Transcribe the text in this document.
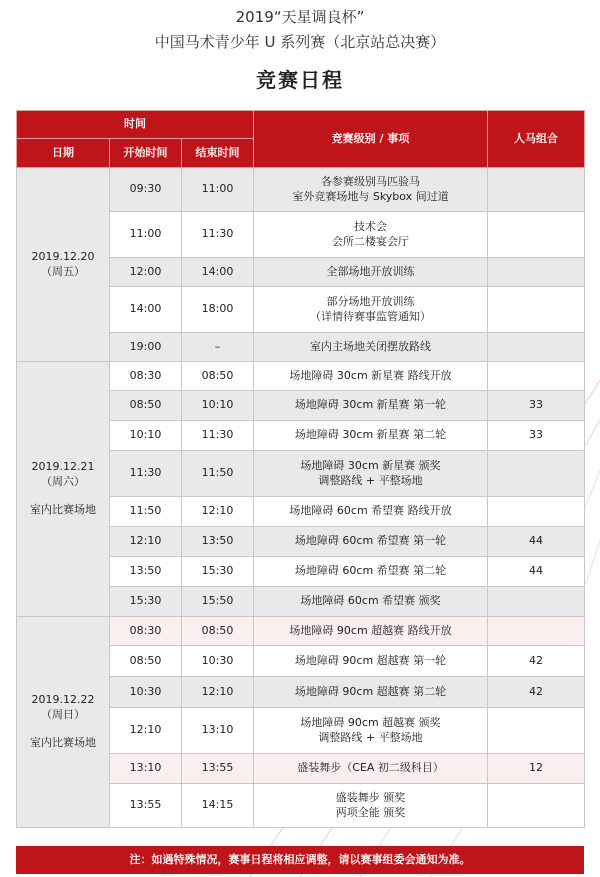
2019“天星调良杯”
中国马术青少年 U 系列赛（北京站总决赛）
竞赛日程
时间			竞赛级别 / 事项	人马组合
日期	开始时间	结束时间		

2019.12.20
（周五）	09:30	11:00	各参赛级别马匹验马
室外竞赛场地与 Skybox 间过道	

	11:00	11:30	技术会
会所二楼宴会厅	

	12:00	14:00	全部场地开放训练	

	14:00	18:00	部分场地开放训练
（详情待赛事监管通知）	

	19:00	–	室内主场地关闭摆放路线	

2019.12.21
（周六）
室内比赛场地	08:30	08:50	场地障碍 30cm 新星赛 路线开放	

	08:50	10:10	场地障碍 30cm 新星赛 第一轮	33
	10:10	11:30	场地障碍 30cm 新星赛 第二轮	33
	11:30	11:50	场地障碍 30cm 新星赛 颁奖
调整路线 + 平整场地	

	11:50	12:10	场地障碍 60cm 希望赛 路线开放	

	12:10	13:50	场地障碍 60cm 希望赛 第一轮	44
	13:50	15:30	场地障碍 60cm 希望赛 第二轮	44
	15:30	15:50	场地障碍 60cm 希望赛 颁奖	

2019.12.22
（周日）
室内比赛场地	08:30	08:50	场地障碍 90cm 超越赛 路线开放	

	08:50	10:30	场地障碍 90cm 超越赛 第一轮	42
	10:30	12:10	场地障碍 90cm 超越赛 第二轮	42
	12:10	13:10	场地障碍 90cm 超越赛 颁奖
调整路线 + 平整场地	

	13:10	13:55	盛装舞步（CEA 初二级科目）	12
	13:55	14:15	盛装舞步 颁奖
两项全能 颁奖	

注：如遇特殊情况，赛事日程将相应调整，请以赛事组委会通知为准。
